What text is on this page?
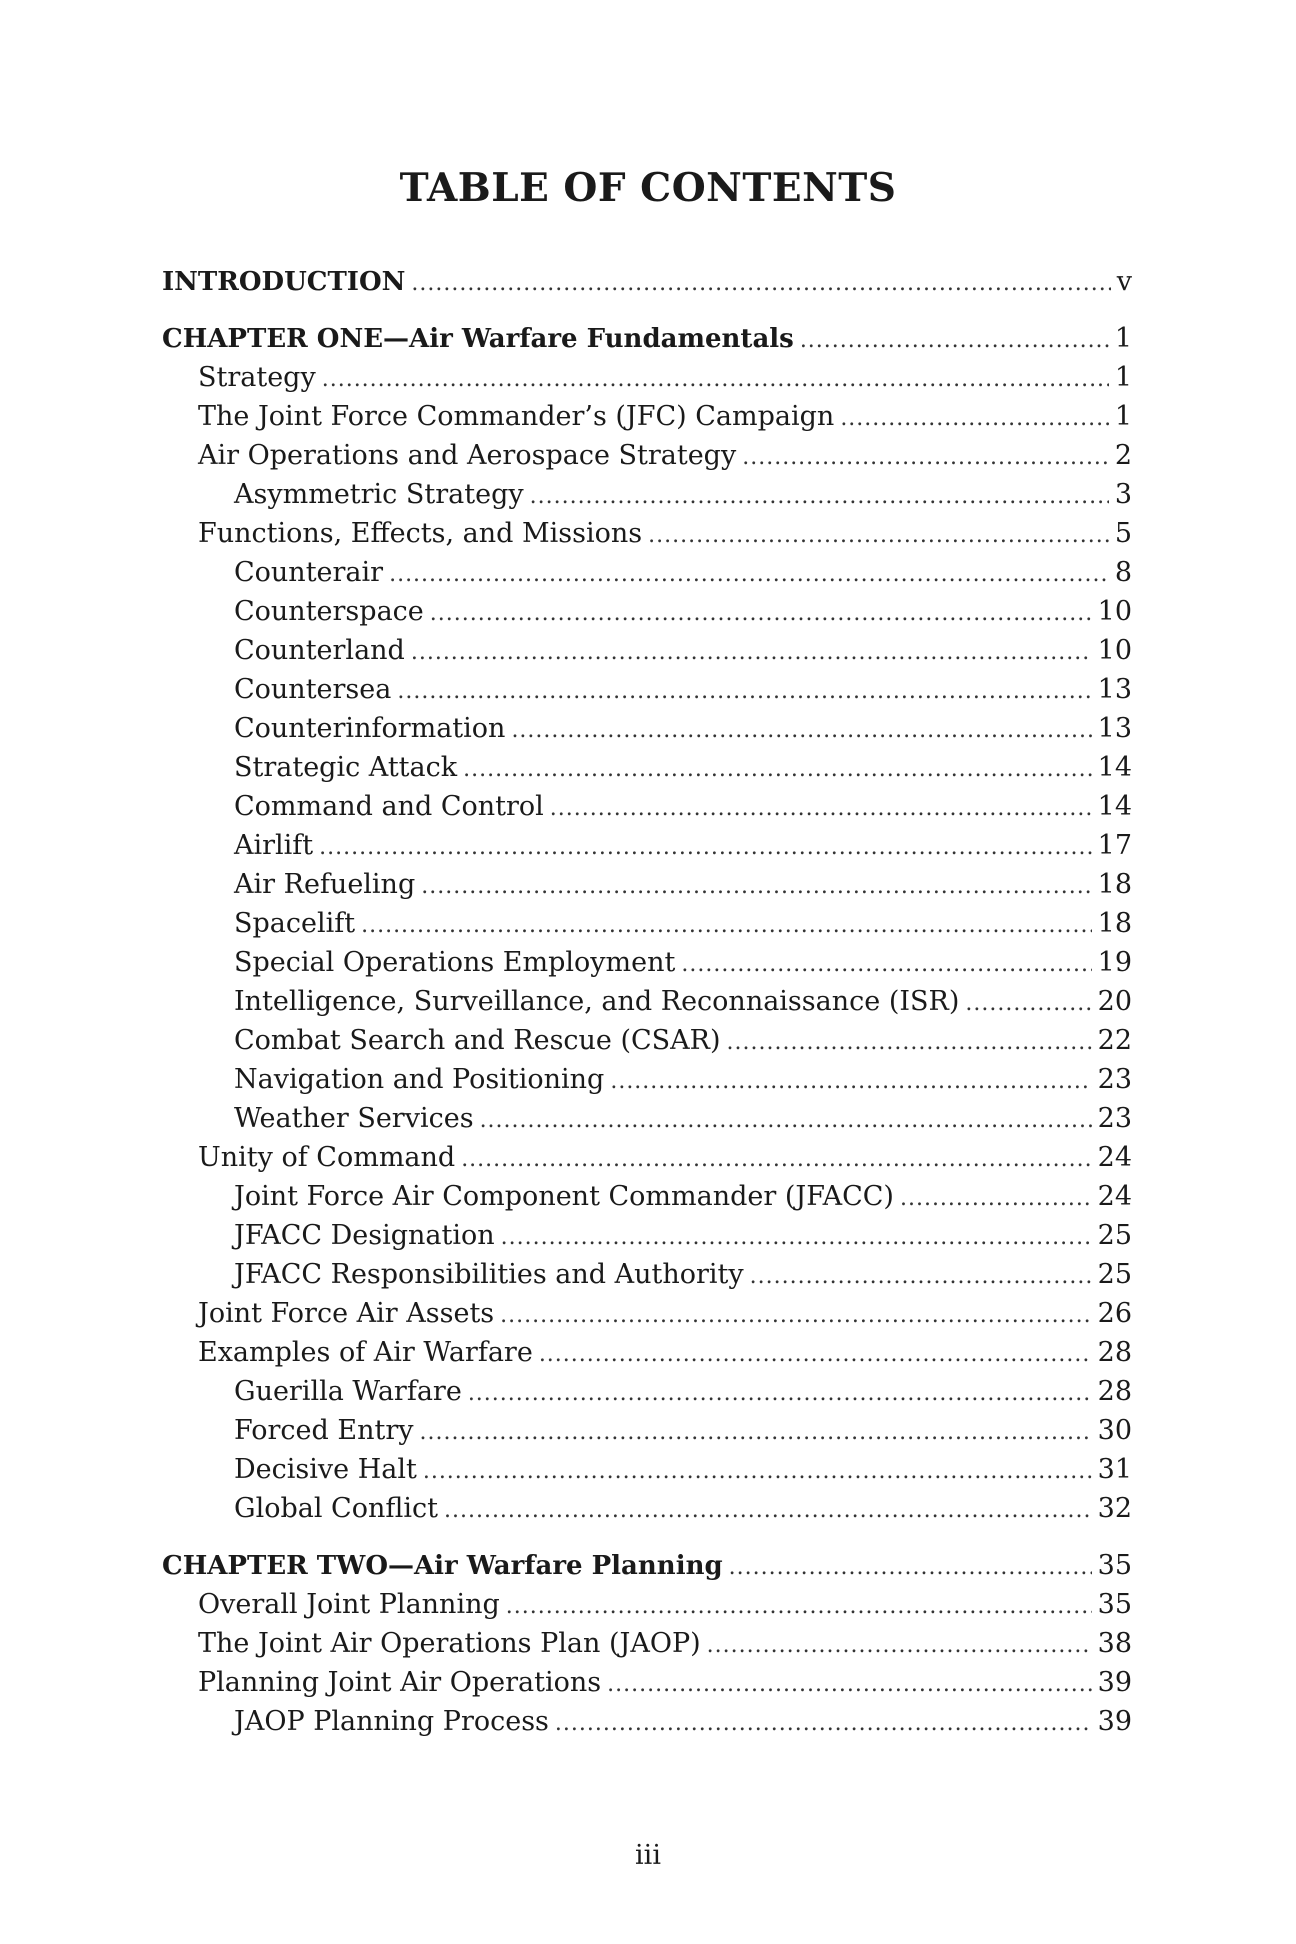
TABLE OF CONTENTS
INTRODUCTION .....	v
CHAPTER ONE—Air Warfare Fundamentals .....	1
Strategy .....	1
The Joint Force Commander’s (JFC) Campaign .....	1
Air Operations and Aerospace Strategy .....	2
Asymmetric Strategy .....	3
Functions, Effects, and Missions .....	5
Counterair .....	8
Counterspace .....	10
Counterland .....	10
Countersea .....	13
Counterinformation .....	13
Strategic Attack .....	14
Command and Control .....	14
Airlift .....	17
Air Refueling .....	18
Spacelift .....	18
Special Operations Employment .....	19
Intelligence, Surveillance, and Reconnaissance (ISR) .....	20
Combat Search and Rescue (CSAR) .....	22
Navigation and Positioning .....	23
Weather Services .....	23
Unity of Command .....	24
Joint Force Air Component Commander (JFACC) .....	24
JFACC Designation .....	25
JFACC Responsibilities and Authority .....	25
Joint Force Air Assets .....	26
Examples of Air Warfare .....	28
Guerilla Warfare .....	28
Forced Entry .....	30
Decisive Halt .....	31
Global Conflict .....	32
CHAPTER TWO—Air Warfare Planning .....	35
Overall Joint Planning .....	35
The Joint Air Operations Plan (JAOP) .....	38
Planning Joint Air Operations .....	39
JAOP Planning Process .....	39
iii
